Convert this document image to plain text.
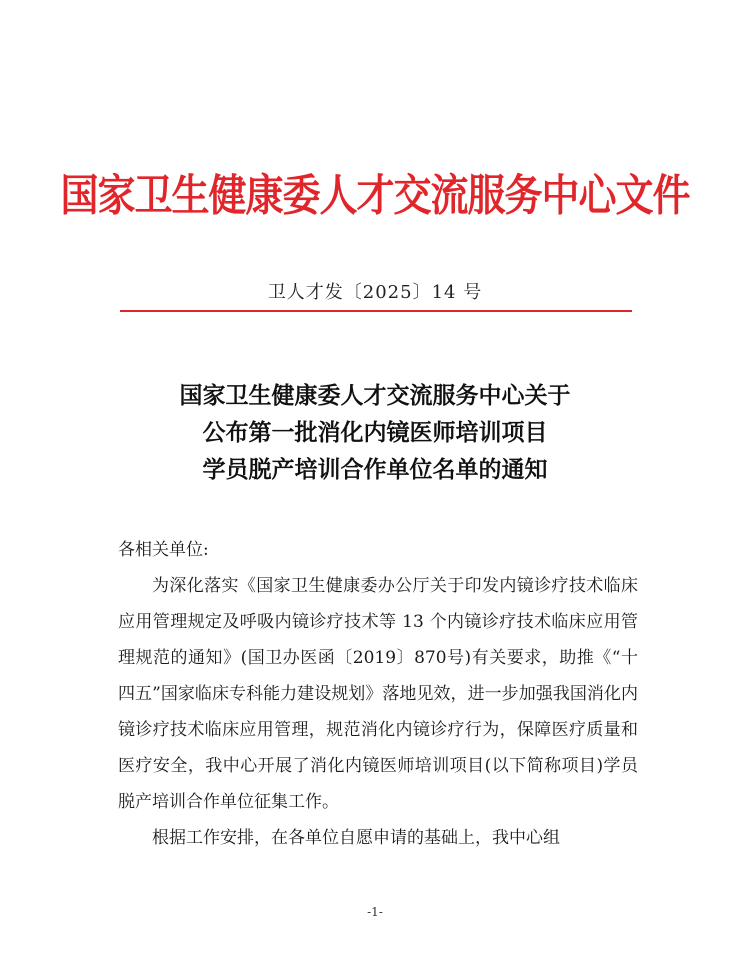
国家卫生健康委人才交流服务中心文件
卫人才发〔2025〕14 号
国家卫生健康委人才交流服务中心关于
公布第一批消化内镜医师培训项目
学员脱产培训合作单位名单的通知

各相关单位:

为深化落实《国家卫生健康委办公厅关于印发内镜诊疗技术临床应用管理规定及呼吸内镜诊疗技术等 13 个内镜诊疗技术临床应用管理规范的通知》(国卫办医函〔2019〕870号)有关要求，助推《“十四五”国家临床专科能力建设规划》落地见效，进一步加强我国消化内镜诊疗技术临床应用管理，规范消化内镜诊疗行为，保障医疗质量和医疗安全，我中心开展了消化内镜医师培训项目(以下简称项目)学员脱产培训合作单位征集工作。

根据工作安排，在各单位自愿申请的基础上，我中心组

-1-
